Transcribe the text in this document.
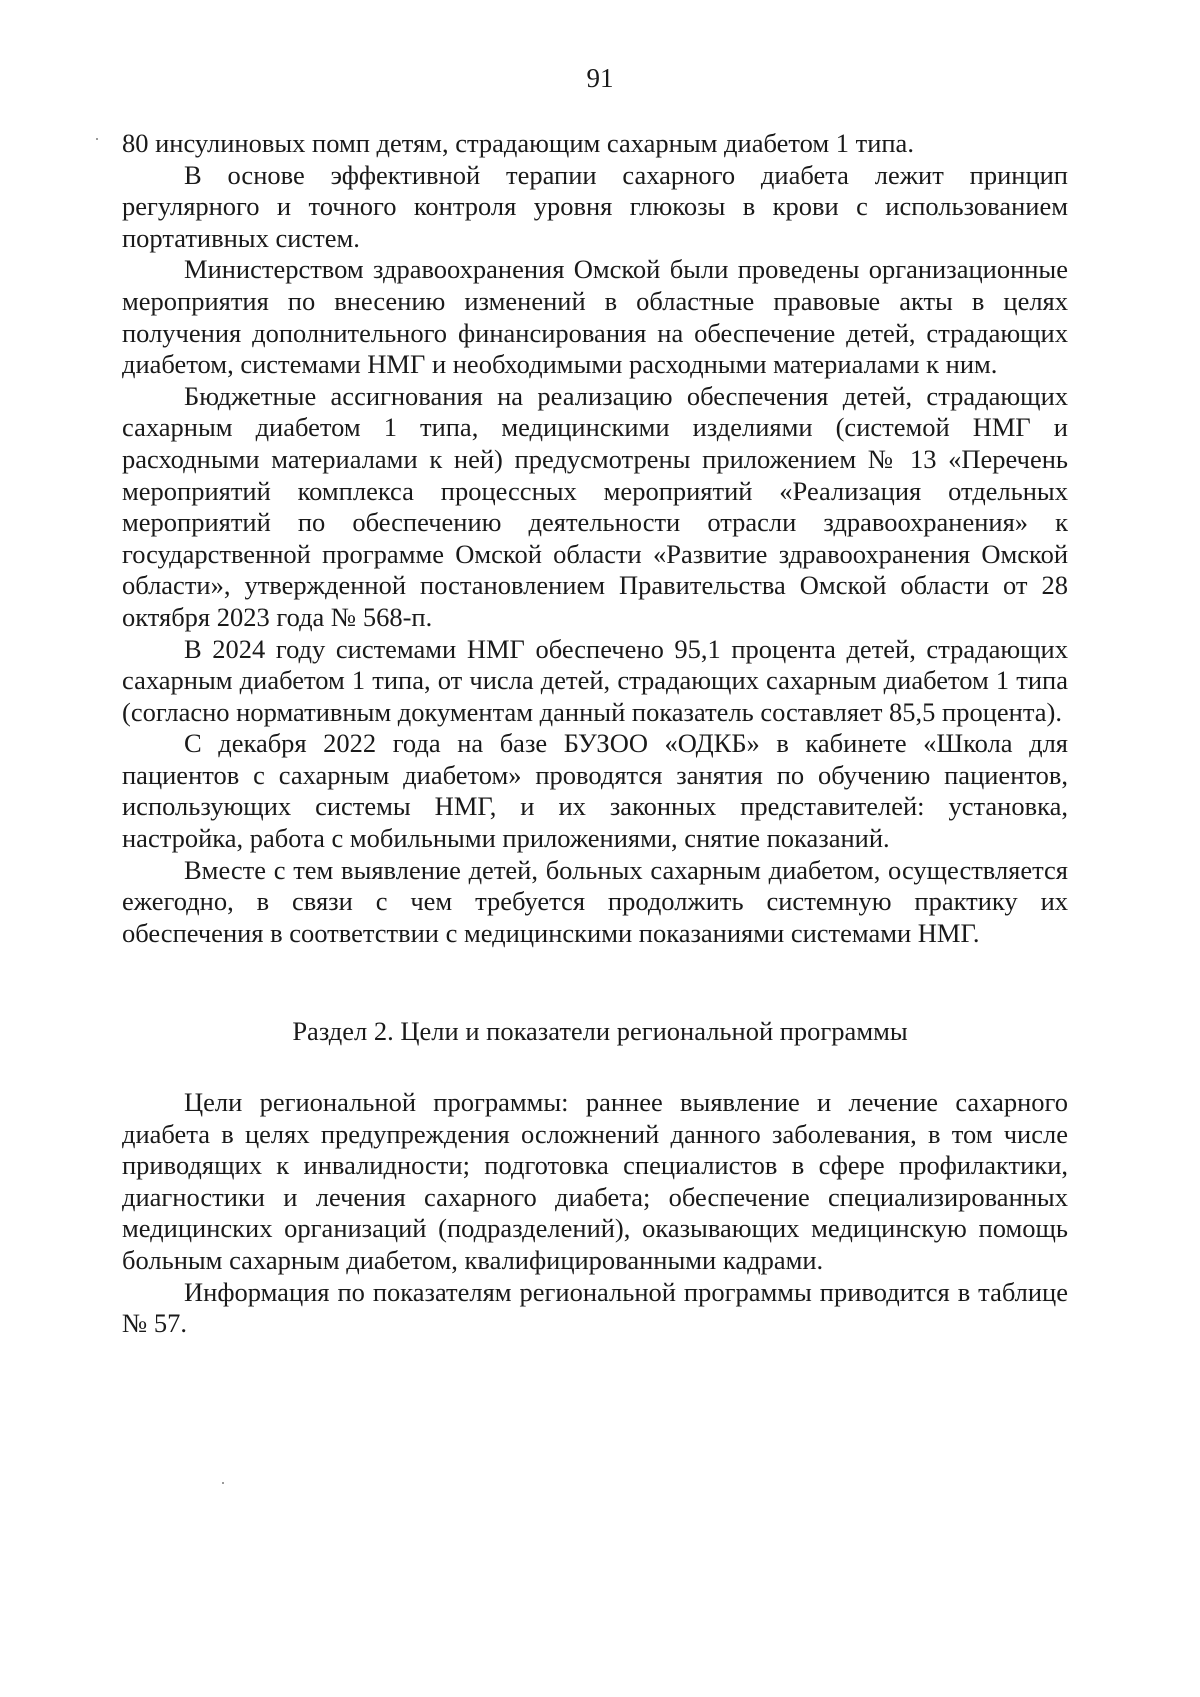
91

80 инсулиновых помп детям, страдающим сахарным диабетом 1 типа.

В основе эффективной терапии сахарного диабета лежит принцип регулярного и точного контроля уровня глюкозы в крови с использованием портативных систем.

Министерством здравоохранения Омской были проведены организационные мероприятия по внесению изменений в областные правовые акты в целях получения дополнительного финансирования на обеспечение детей, страдающих диабетом, системами НМГ и необходимыми расходными материалами к ним.

Бюджетные ассигнования на реализацию обеспечения детей, страдающих сахарным диабетом 1 типа, медицинскими изделиями (системой НМГ и расходными материалами к ней) предусмотрены приложением № 13 «Перечень мероприятий комплекса процессных мероприятий «Реализация отдельных мероприятий по обеспечению деятельности отрасли здравоохранения» к государственной программе Омской области «Развитие здравоохранения Омской области», утвержденной постановлением Правительства Омской области от 28 октября 2023 года № 568-п.

В 2024 году системами НМГ обеспечено 95,1 процента детей, страдающих сахарным диабетом 1 типа, от числа детей, страдающих сахарным диабетом 1 типа (согласно нормативным документам данный показатель составляет 85,5 процента).

С декабря 2022 года на базе БУЗОО «ОДКБ» в кабинете «Школа для пациентов с сахарным диабетом» проводятся занятия по обучению пациентов, использующих системы НМГ, и их законных представителей: установка, настройка, работа с мобильными приложениями, снятие показаний.

Вместе с тем выявление детей, больных сахарным диабетом, осуществляется ежегодно, в связи с чем требуется продолжить системную практику их обеспечения в соответствии с медицинскими показаниями системами НМГ.

Раздел 2. Цели и показатели региональной программы

Цели региональной программы: раннее выявление и лечение сахарного диабета в целях предупреждения осложнений данного заболевания, в том числе приводящих к инвалидности; подготовка специалистов в сфере профилактики, диагностики и лечения сахарного диабета; обеспечение специализированных медицинских организаций (подразделений), оказывающих медицинскую помощь больным сахарным диабетом, квалифицированными кадрами.

Информация по показателям региональной программы приводится в таблице № 57.
